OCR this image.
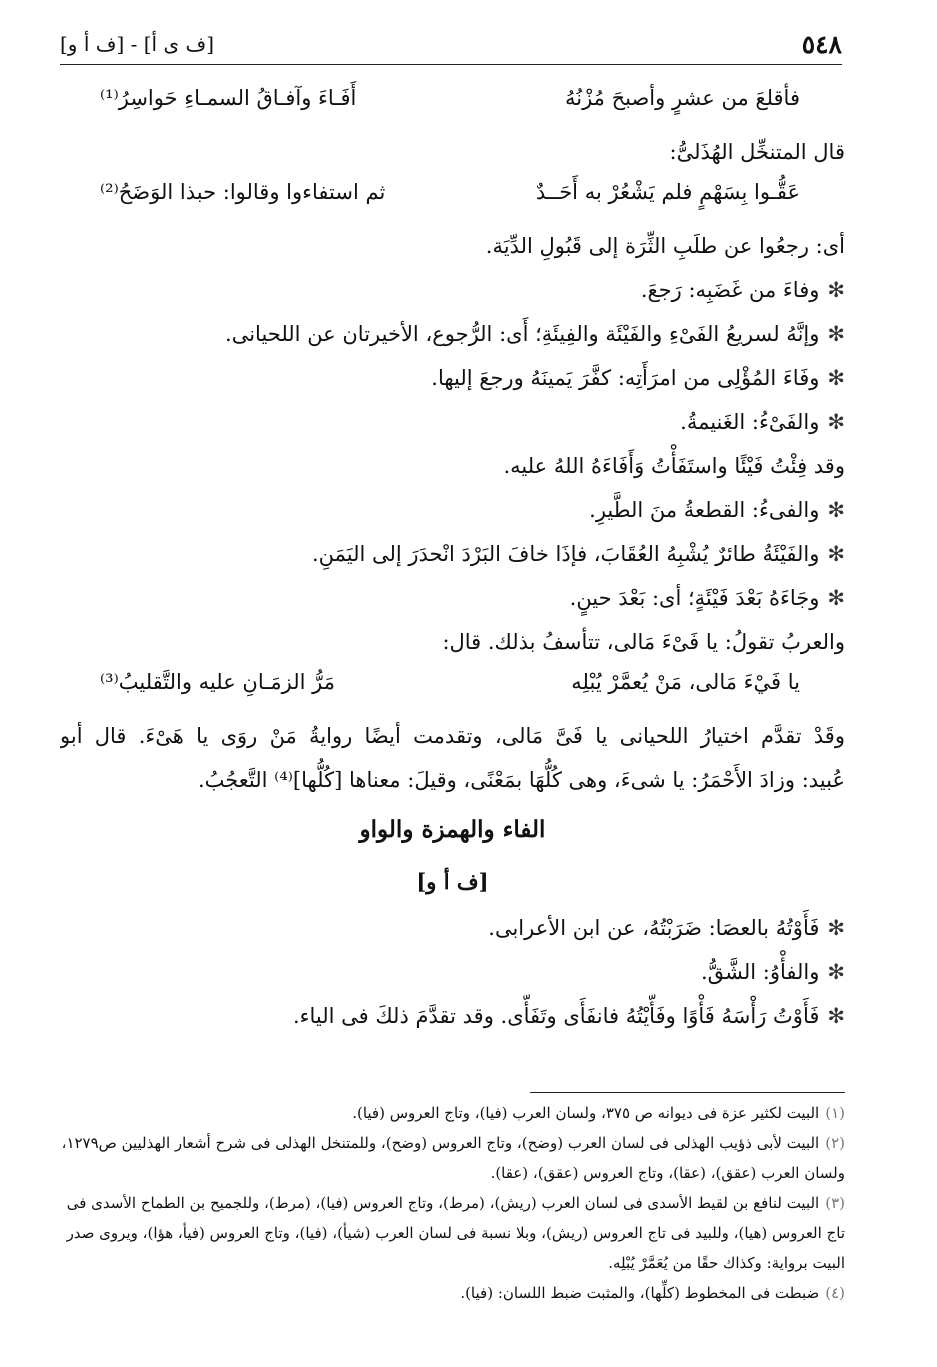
٥٤٨
[ف ى أ] - [ف أ و]
فأقلعَ من عشرٍ وأصبحَ مُزْنُهُ
أَفَـاءَ وآفـاقُ السمـاءِ حَواسِرُ⁽¹⁾
قال المتنخِّل الهُذَلىُّ:
عَقُّـوا بِسَهْمٍ فلم يَشْعُرْ به أَحَــدٌ
ثم استفاءوا وقالوا: حبذا الوَضَحُ⁽²⁾
أى: رجعُوا عن طلَبِ الثِّرَة إلى قَبُولِ الدِّيَة.
✻وفاءَ من غَضَبِه: رَجعَ.
✻وإنَّهُ لسريعُ الفَىْءِ والفَيْئَة والفِيئَةِ؛ أَى: الرُّجوع، الأخيرتان عن اللحيانى.
✻وفَاءَ المُؤْلِى من امرَأَتِه: كفَّرَ يَمينَهُ ورجعَ إليها.
✻والفَىْءُ: الغَنيمةُ.
وقد فِئْتُ فَيْئًا واستَفَأْتُ وَأَفَاءَهُ اللهُ عليه.
✻والفىءُ: القطعةُ منَ الطَّيرِ.
✻والفَيْئَةُ طائرٌ يُشْبِهُ العُقَابَ، فإذَا خافَ البَرْدَ انْحدَرَ إلى اليَمَنِ.
✻وجَاءَهُ بَعْدَ فَيْئَةٍ؛ أى: بَعْدَ حينٍ.
والعربُ تقولُ: يا فَىْءَ مَالى، تتأسفُ بذلك. قال:
يا فَيْءَ مَالى، مَنْ يُعمَّرْ يُبْلِه
مَرُّ الزمَـانِ عليه والتَّقليبُ⁽³⁾
وقَدْ تقدَّم اختيارُ اللحيانى يا فَىَّ مَالى، وتقدمت أيضًا روايةُ مَنْ روَى يا هَىْءَ. قال أبو
عُبيد: وزادَ الأَحْمَرُ: يا شىءَ، وهى كُلُّهَا بمَعْنًى، وقيلَ: معناها [كُلُّها]⁽⁴⁾ التَّعجُبُ.
الفاء والهمزة والواو
[ف أ و]
✻فَأَوْتُهُ بالعصَا: ضَرَبْتُهُ، عن ابن الأعرابى.
✻والفأْوُ: الشَّقُّ.
✻فَأَوْتُ رَأْسَهُ فَأْوًا وفَأَّيْتُهُ فانفَأَى وتَفَأَّى. وقد تقدَّمَ ذلكَ فى الياء.
(١)البيت لكثير عزة فى ديوانه ص ٣٧٥، ولسان العرب (فيا)، وتاج العروس (فيا).
(٢)البيت لأبى ذؤيب الهذلى فى لسان العرب (وضح)، وتاج العروس (وضح)، وللمتنخل الهذلى فى شرح أشعار الهذليين ص١٢٧٩، ولسان العرب (عقق)، (عقا)، وتاج العروس (عقق)، (عقا).
(٣)البيت لنافع بن لقيط الأسدى فى لسان العرب (ريش)، (مرط)، وتاج العروس (فيا)، (مرط)، وللجميح بن الطماح الأسدى فى تاج العروس (هيا)، وللبيد فى تاج العروس (ريش)، وبلا نسبة فى لسان العرب (شيأ)، (فيا)، وتاج العروس (فيأ، هؤا)، ويروى صدر البيت برواية: وكذاك حقًا من يُعَمَّرْ يُبْلِه.
(٤)ضبطت فى المخطوط (كلِّها)، والمثبت ضبط اللسان: (فيا).
